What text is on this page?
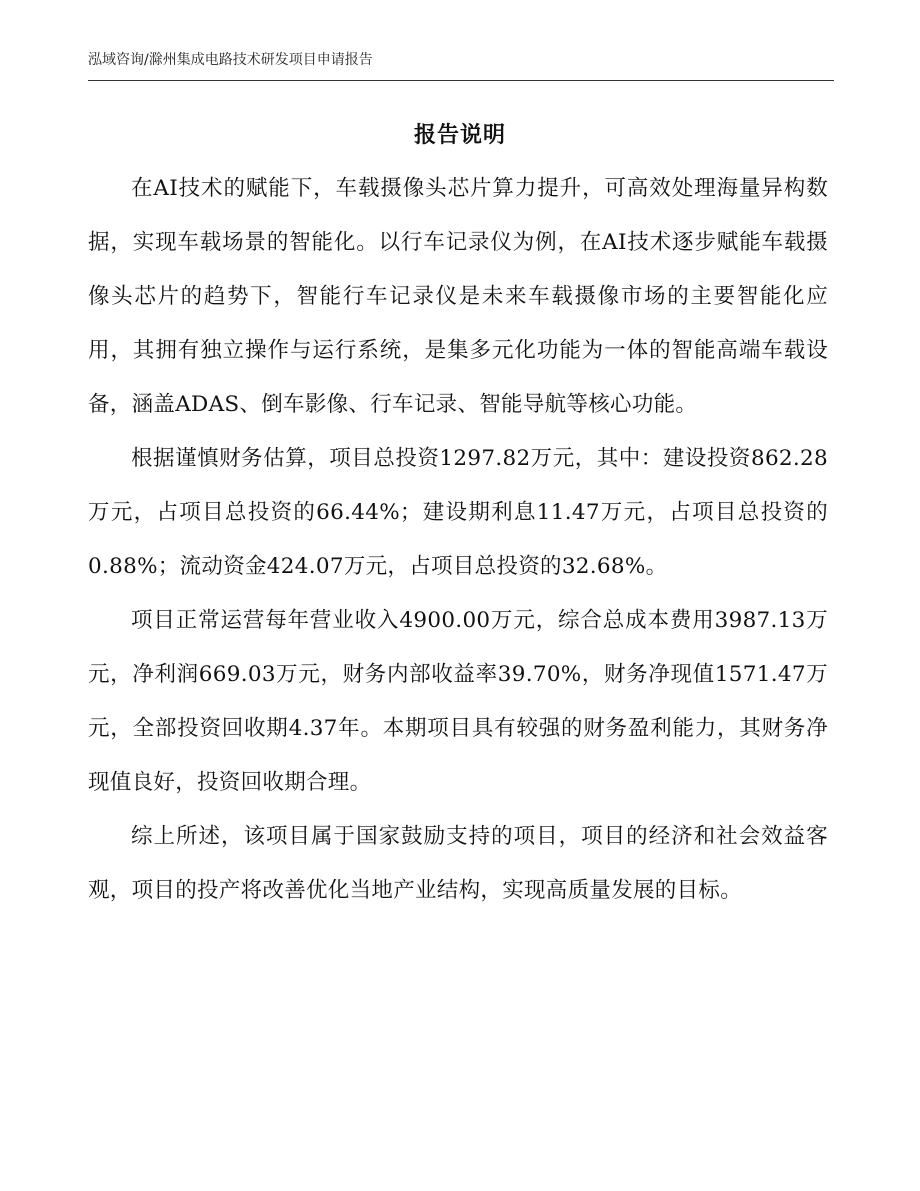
泓域咨询/滁州集成电路技术研发项目申请报告
报告说明

在AI技术的赋能下，车载摄像头芯片算力提升，可高效处理海量异构数据，实现车载场景的智能化。以行车记录仪为例，在AI技术逐步赋能车载摄像头芯片的趋势下，智能行车记录仪是未来车载摄像市场的主要智能化应用，其拥有独立操作与运行系统，是集多元化功能为一体的智能高端车载设备，涵盖ADAS、倒车影像、行车记录、智能导航等核心功能。

根据谨慎财务估算，项目总投资1297.82万元，其中：建设投资862.28万元，占项目总投资的66.44%；建设期利息11.47万元，占项目总投资的0.88%；流动资金424.07万元，占项目总投资的32.68%。

项目正常运营每年营业收入4900.00万元，综合总成本费用3987.13万元，净利润669.03万元，财务内部收益率39.70%，财务净现值1571.47万元，全部投资回收期4.37年。本期项目具有较强的财务盈利能力，其财务净现值良好，投资回收期合理。

综上所述，该项目属于国家鼓励支持的项目，项目的经济和社会效益客观，项目的投产将改善优化当地产业结构，实现高质量发展的目标。
